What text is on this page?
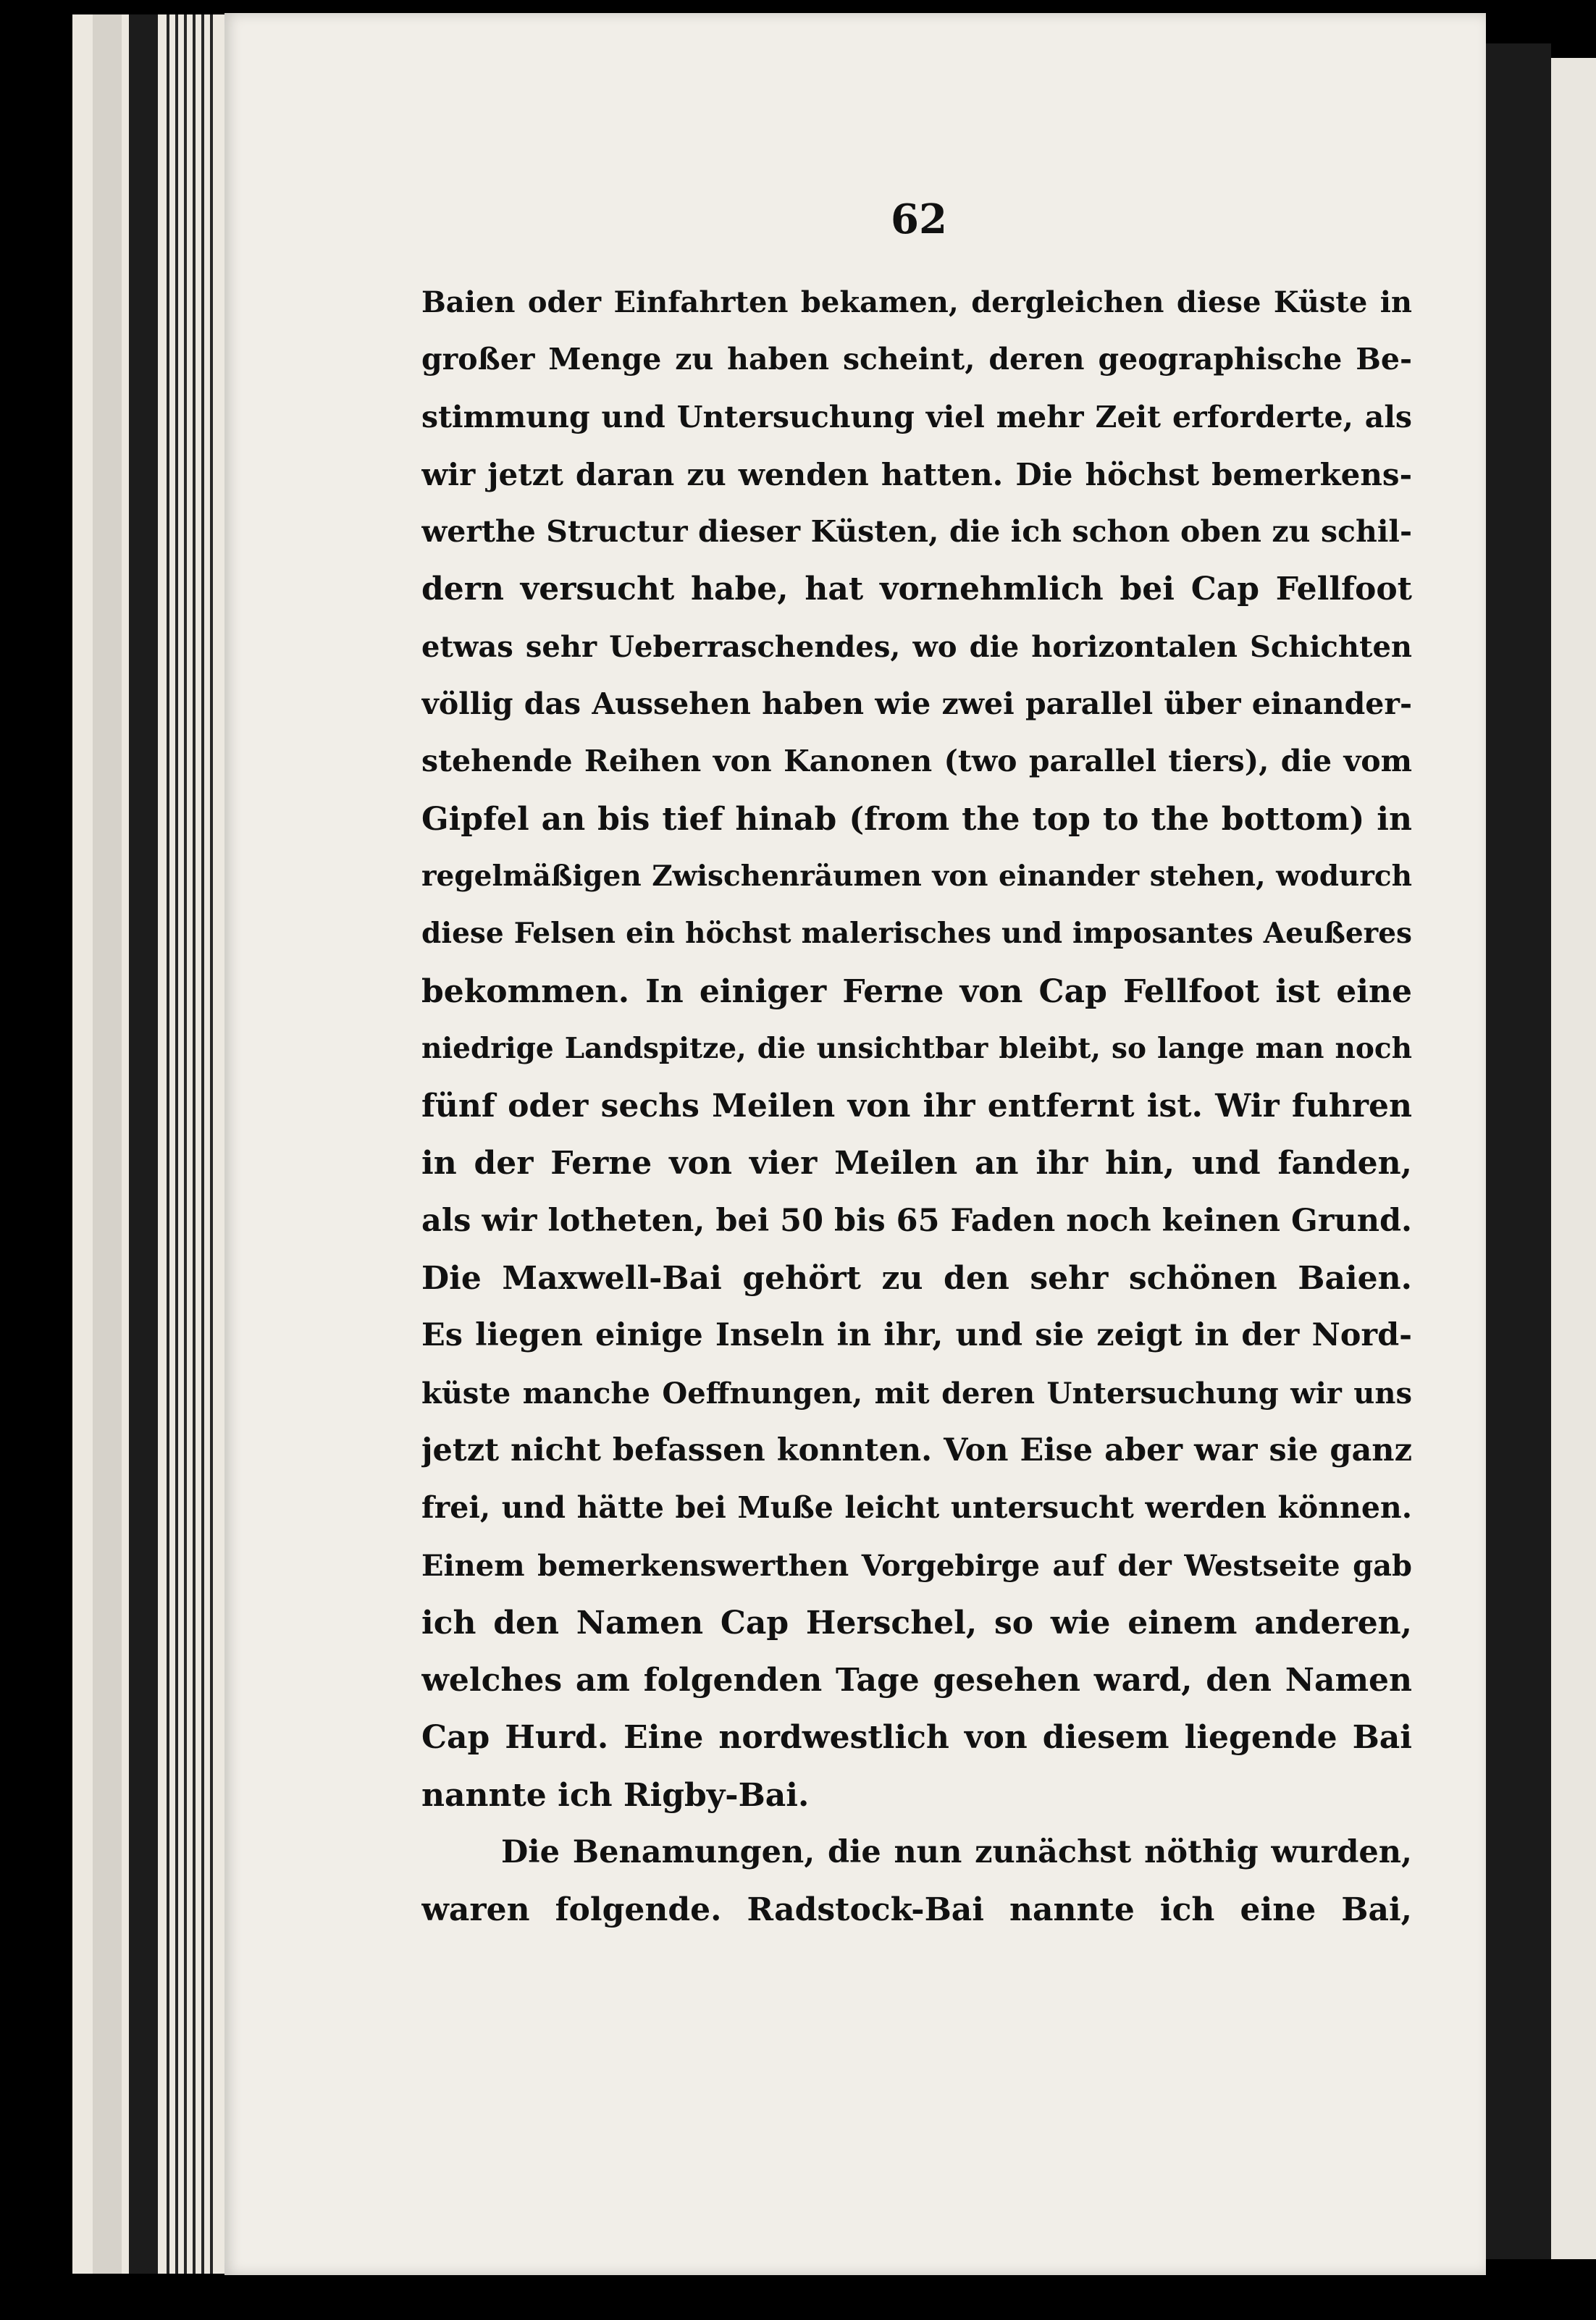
62
Baien oder Einfahrten bekamen, dergleichen diese Küste in
großer Menge zu haben scheint, deren geographische Be-
stimmung und Untersuchung viel mehr Zeit erforderte, als
wir jetzt daran zu wenden hatten. Die höchst bemerkens-
werthe Structur dieser Küsten, die ich schon oben zu schil-
dern versucht habe, hat vornehmlich bei Cap Fellfoot
etwas sehr Ueberraschendes, wo die horizontalen Schichten
völlig das Aussehen haben wie zwei parallel über einander-
stehende Reihen von Kanonen (two parallel tiers), die vom
Gipfel an bis tief hinab (from the top to the bottom) in
regelmäßigen Zwischenräumen von einander stehen, wodurch
diese Felsen ein höchst malerisches und imposantes Aeußeres
bekommen. In einiger Ferne von Cap Fellfoot ist eine
niedrige Landspitze, die unsichtbar bleibt, so lange man noch
fünf oder sechs Meilen von ihr entfernt ist. Wir fuhren
in der Ferne von vier Meilen an ihr hin, und fanden,
als wir lotheten, bei 50 bis 65 Faden noch keinen Grund.
Die Maxwell-Bai gehört zu den sehr schönen Baien.
Es liegen einige Inseln in ihr, und sie zeigt in der Nord-
küste manche Oeffnungen, mit deren Untersuchung wir uns
jetzt nicht befassen konnten. Von Eise aber war sie ganz
frei, und hätte bei Muße leicht untersucht werden können.
Einem bemerkenswerthen Vorgebirge auf der Westseite gab
ich den Namen Cap Herschel, so wie einem anderen,
welches am folgenden Tage gesehen ward, den Namen
Cap Hurd. Eine nordwestlich von diesem liegende Bai
nannte ich Rigby-Bai.
Die Benamungen, die nun zunächst nöthig wurden,
waren folgende. Radstock-Bai nannte ich eine Bai,
